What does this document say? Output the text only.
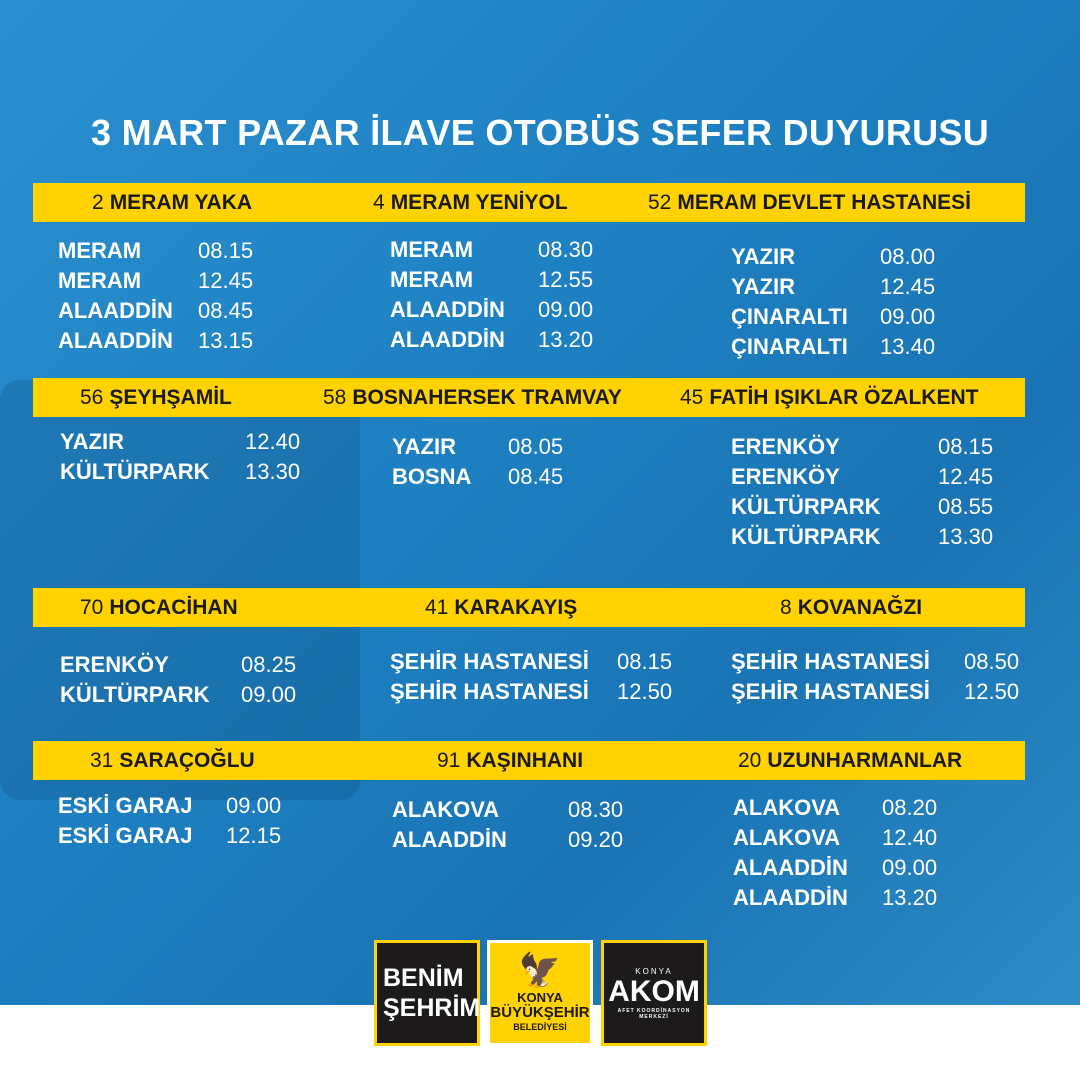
3 MART PAZAR İLAVE OTOBÜS SEFER DUYURUSU
2 MERAM YAKA	4 MERAM YENİYOL	52 MERAM DEVLET HASTANESİ
MERAM	08.15
MERAM	12.45
ALAADDİN 08.45
ALAADDİN 13.15
MERAM	08.30
MERAM	12.55
ALAADDİN 09.00
ALAADDİN 13.20
YAZIR	08.00
YAZIR	12.45
ÇINARALTI 09.00
ÇINARALTI 13.40
56 ŞEYHŞAMİL	58 BOSNAHERSEK TRAMVAY	45 FATİH IŞIKLAR ÖZALKENT
YAZIR	12.40
KÜLTÜRPARK 13.30
YAZIR 08.05
BOSNA 08.45
ERENKÖY	08.15
ERENKÖY	12.45
KÜLTÜRPARK	08.55
KÜLTÜRPARK	13.30
70 HOCACİHAN	41 KARAKAYIŞ	8 KOVANAĞZI
ERENKÖY	08.25
KÜLTÜRPARK 09.00
ŞEHİR HASTANESİ 08.15
ŞEHİR HASTANESİ 12.50
ŞEHİR HASTANESİ 08.50
ŞEHİR HASTANESİ 12.50
31 SARAÇOĞLU	91 KAŞINHANI	20 UZUNHARMANLAR
ESKİ GARAJ 09.00
ESKİ GARAJ 12.15
ALAKOVA	08.30
ALAADDİN	09.20
ALAKOVA 08.20
ALAKOVA 12.40
ALAADDİN 09.00
ALAADDİN 13.20
BENİM
ŞEHRİM
🦅
KONYA
BÜYÜKŞEHİR
BELEDİYESİ
KONYA
AKOM
AFET KOORDİNASYON MERKEZİ
